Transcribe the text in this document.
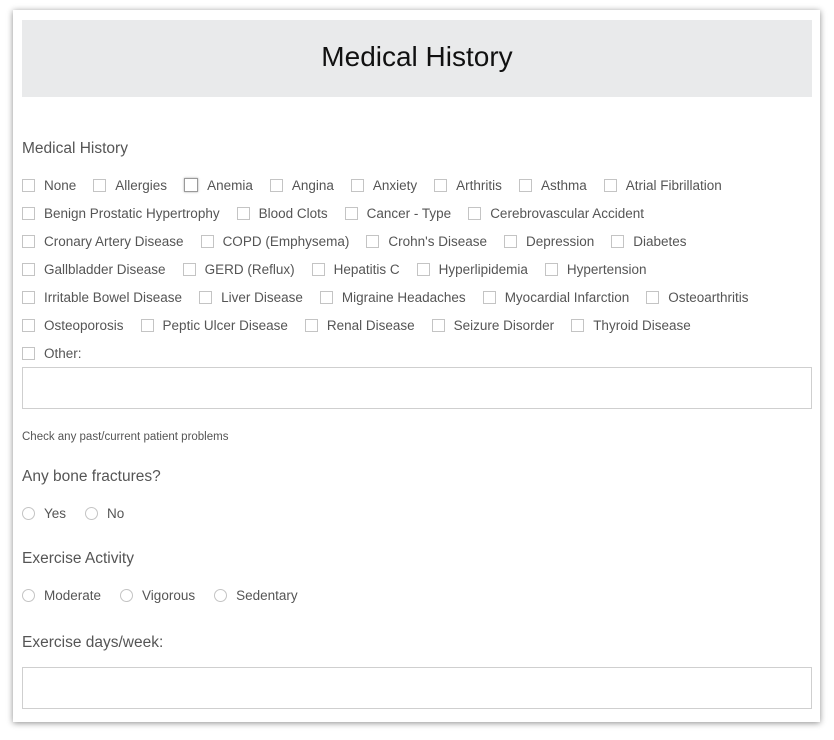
Medical History
Medical History
None	Allergies	Anemia	Angina	Anxiety	Arthritis	Asthma	Atrial Fibrillation
Benign Prostatic Hypertrophy	Blood Clots	Cancer - Type	Cerebrovascular Accident
Cronary Artery Disease	COPD (Emphysema)	Crohn's Disease	Depression	Diabetes
Gallbladder Disease	GERD (Reflux)	Hepatitis C	Hyperlipidemia	Hypertension
Irritable Bowel Disease	Liver Disease	Migraine Headaches	Myocardial Infarction	Osteoarthritis
Osteoporosis	Peptic Ulcer Disease	Renal Disease	Seizure Disorder	Thyroid Disease
Other:
Check any past/current patient problems
Any bone fractures?
Yes	No
Exercise Activity
Moderate	Vigorous	Sedentary
Exercise days/week:
